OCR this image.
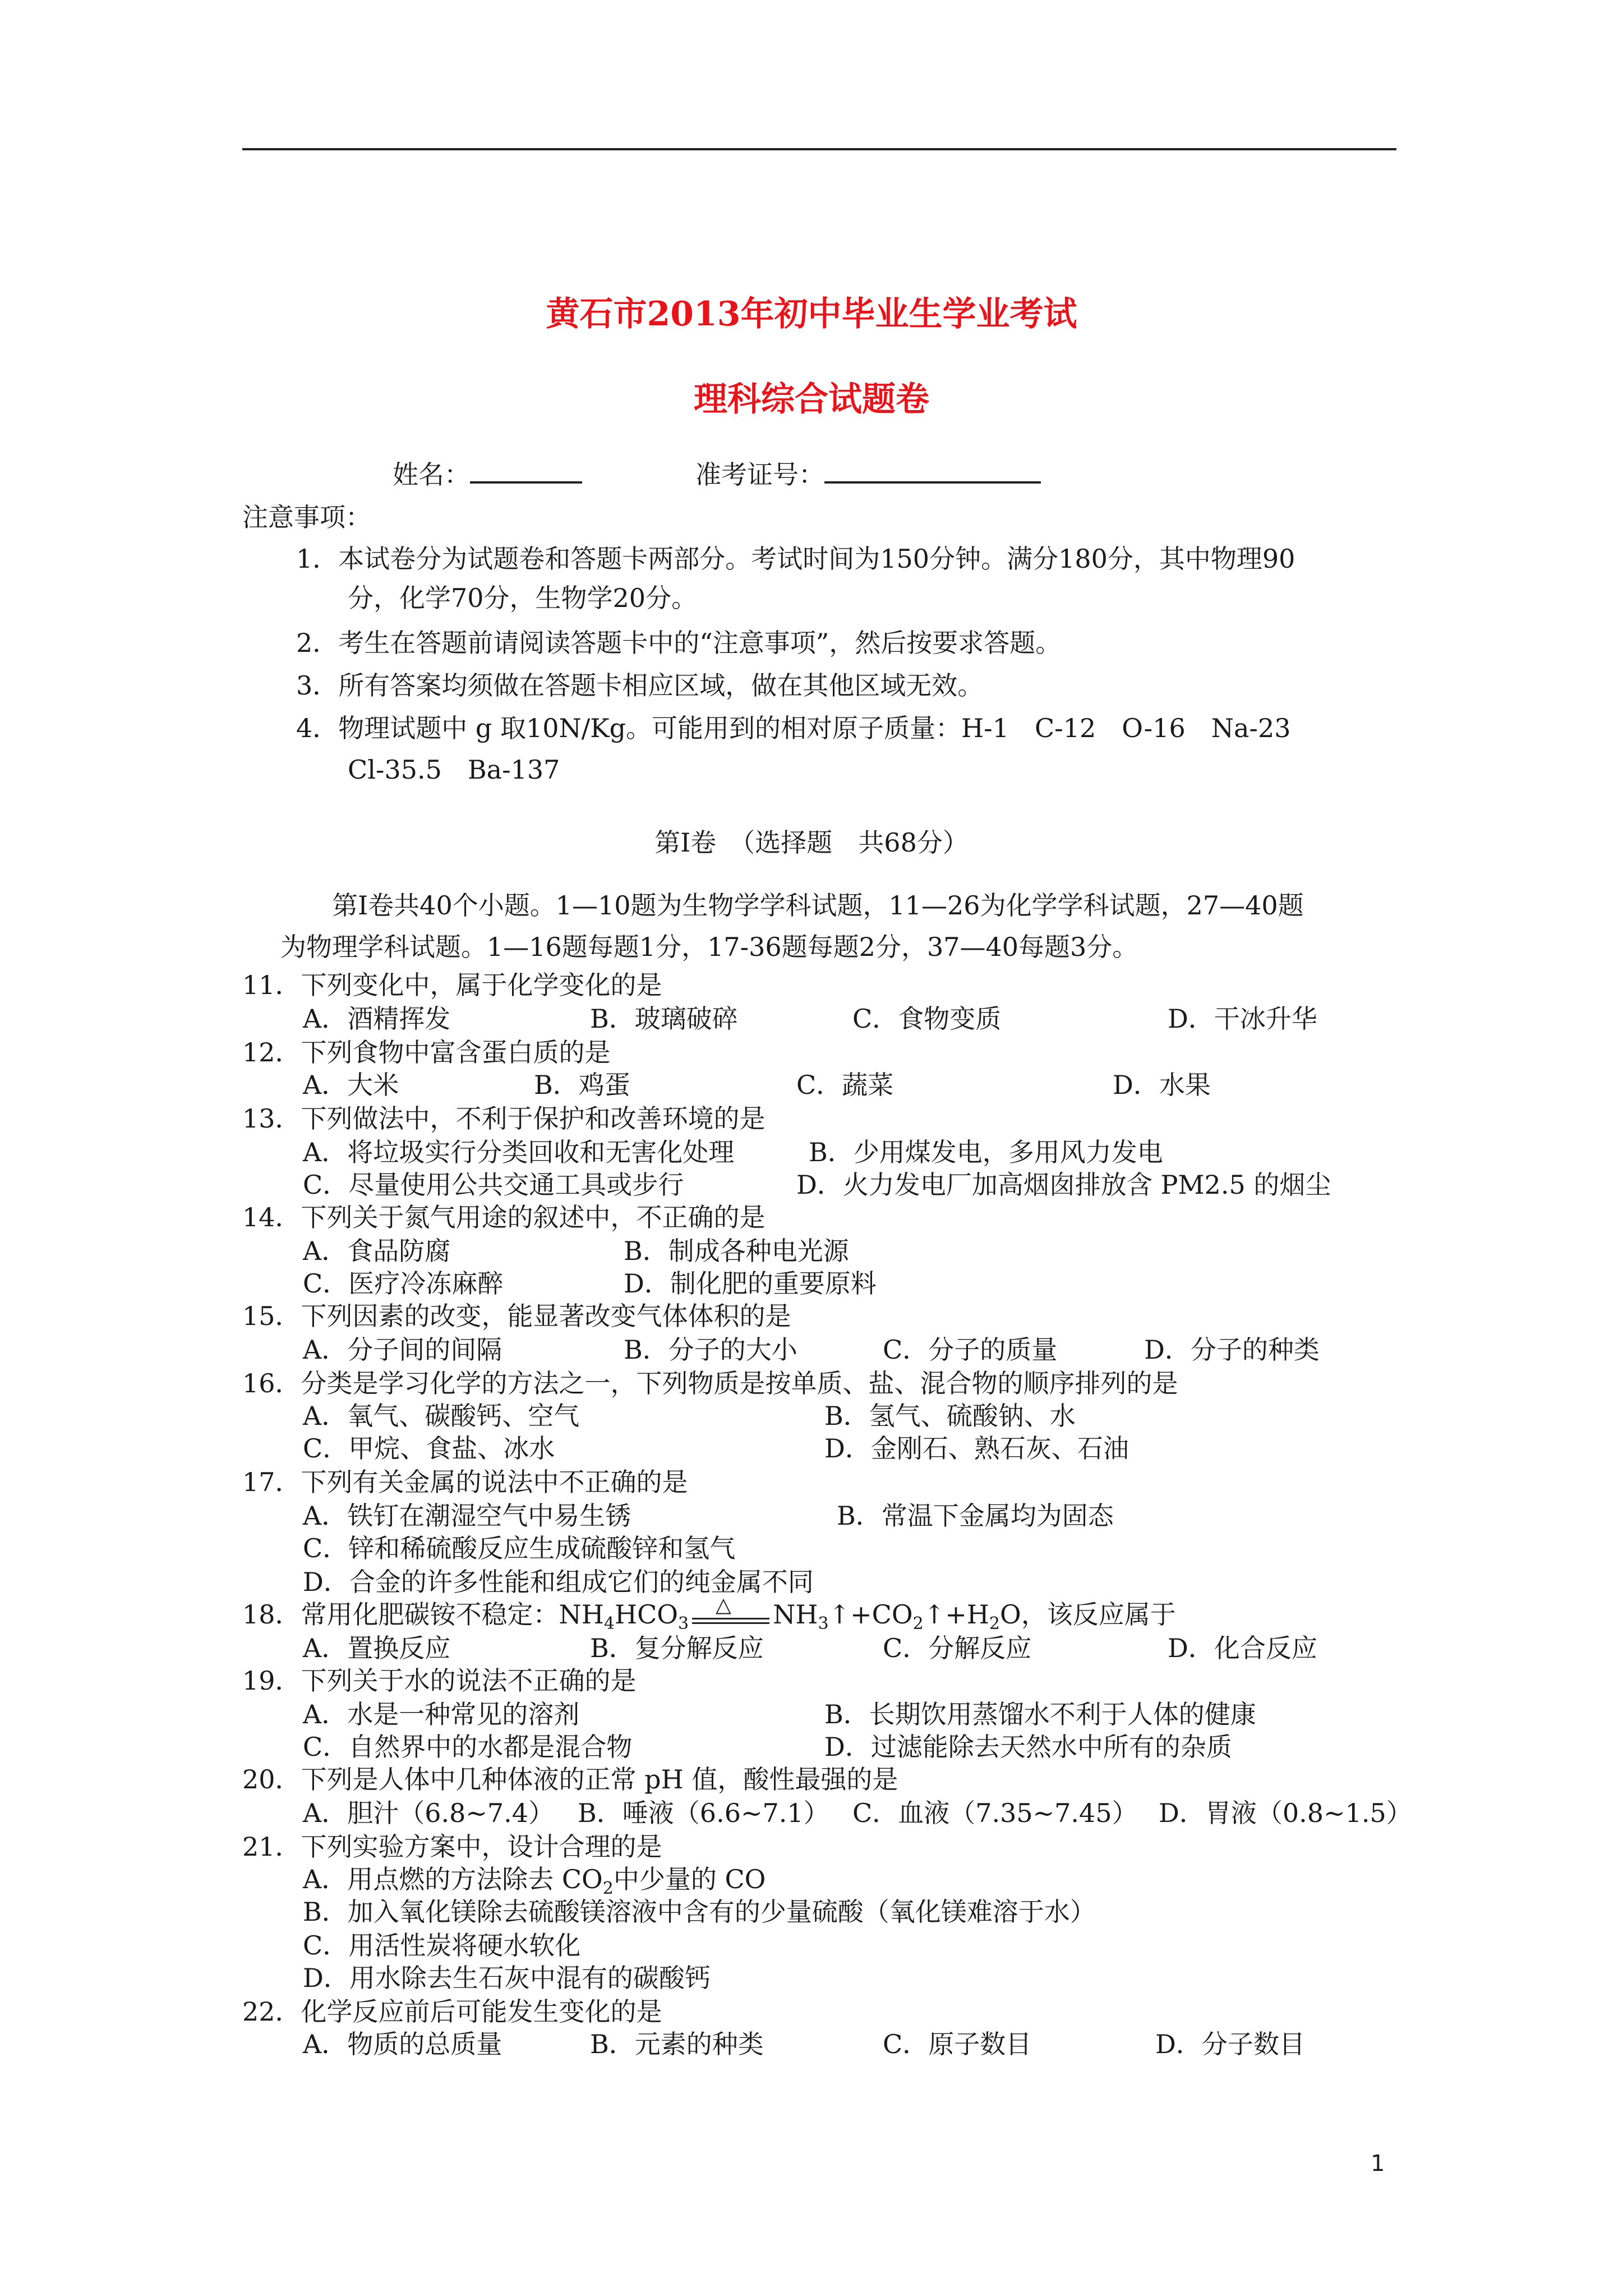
黄石市2013年初中毕业生学业考试
理科综合试题卷
姓名：	准考证号：
注意事项：
1．本试卷分为试题卷和答题卡两部分。考试时间为150分钟。满分180分，其中物理90
分，化学70分，生物学20分。
2．考生在答题前请阅读答题卡中的“注意事项”，然后按要求答题。
3．所有答案均须做在答题卡相应区域，做在其他区域无效。
4．物理试题中 g 取10N/Kg。可能用到的相对原子质量：H-1　C-12　O-16　Na-23
Cl-35.5　Ba-137
第Ⅰ卷　（选择题　共68分）
第Ⅰ卷共40个小题。1—10题为生物学学科试题，11—26为化学学科试题，27—40题
为物理学科试题。1—16题每题1分，17-36题每题2分，37—40每题3分。
11．下列变化中，属于化学变化的是
A．酒精挥发	B．玻璃破碎	C．食物变质	D．干冰升华
12．下列食物中富含蛋白质的是
A．大米	B．鸡蛋	C．蔬菜	D．水果
13．下列做法中，不利于保护和改善环境的是
A．将垃圾实行分类回收和无害化处理	B．少用煤发电，多用风力发电
C．尽量使用公共交通工具或步行	D．火力发电厂加高烟囱排放含 PM2.5 的烟尘
14．下列关于氮气用途的叙述中，不正确的是
A．食品防腐	B．制成各种电光源
C．医疗冷冻麻醉	D．制化肥的重要原料
15．下列因素的改变，能显著改变气体体积的是
A．分子间的间隔	B．分子的大小	C．分子的质量	D．分子的种类
16．分类是学习化学的方法之一，下列物质是按单质、盐、混合物的顺序排列的是
A．氧气、碳酸钙、空气	B．氢气、硫酸钠、水
C．甲烷、食盐、冰水	D．金刚石、熟石灰、石油
17．下列有关金属的说法中不正确的是
A．铁钉在潮湿空气中易生锈	B．常温下金属均为固态
C．锌和稀硫酸反应生成硫酸锌和氢气
D．合金的许多性能和组成它们的纯金属不同
18．常用化肥碳铵不稳定：$NH_4HCO_3$
△ $NH_3↑+CO_2↑+H_2O$，该反应属于
A．置换反应	B．复分解反应	C．分解反应	D．化合反应
19．下列关于水的说法不正确的是
A．水是一种常见的溶剂	B．长期饮用蒸馏水不利于人体的健康
C．自然界中的水都是混合物	D．过滤能除去天然水中所有的杂质
20．下列是人体中几种体液的正常 pH 值，酸性最强的是
A．胆汁（6.8~7.4） B．唾液（6.6~7.1） C．血液（7.35~7.45） D．胃液（0.8~1.5）
21．下列实验方案中，设计合理的是
A．用点燃的方法除去 $CO_2$中少量的 CO
B．加入氧化镁除去硫酸镁溶液中含有的少量硫酸（氧化镁难溶于水）
C．用活性炭将硬水软化
D．用水除去生石灰中混有的碳酸钙
22．化学反应前后可能发生变化的是
A．物质的总质量	B．元素的种类	C．原子数目	D．分子数目
1
